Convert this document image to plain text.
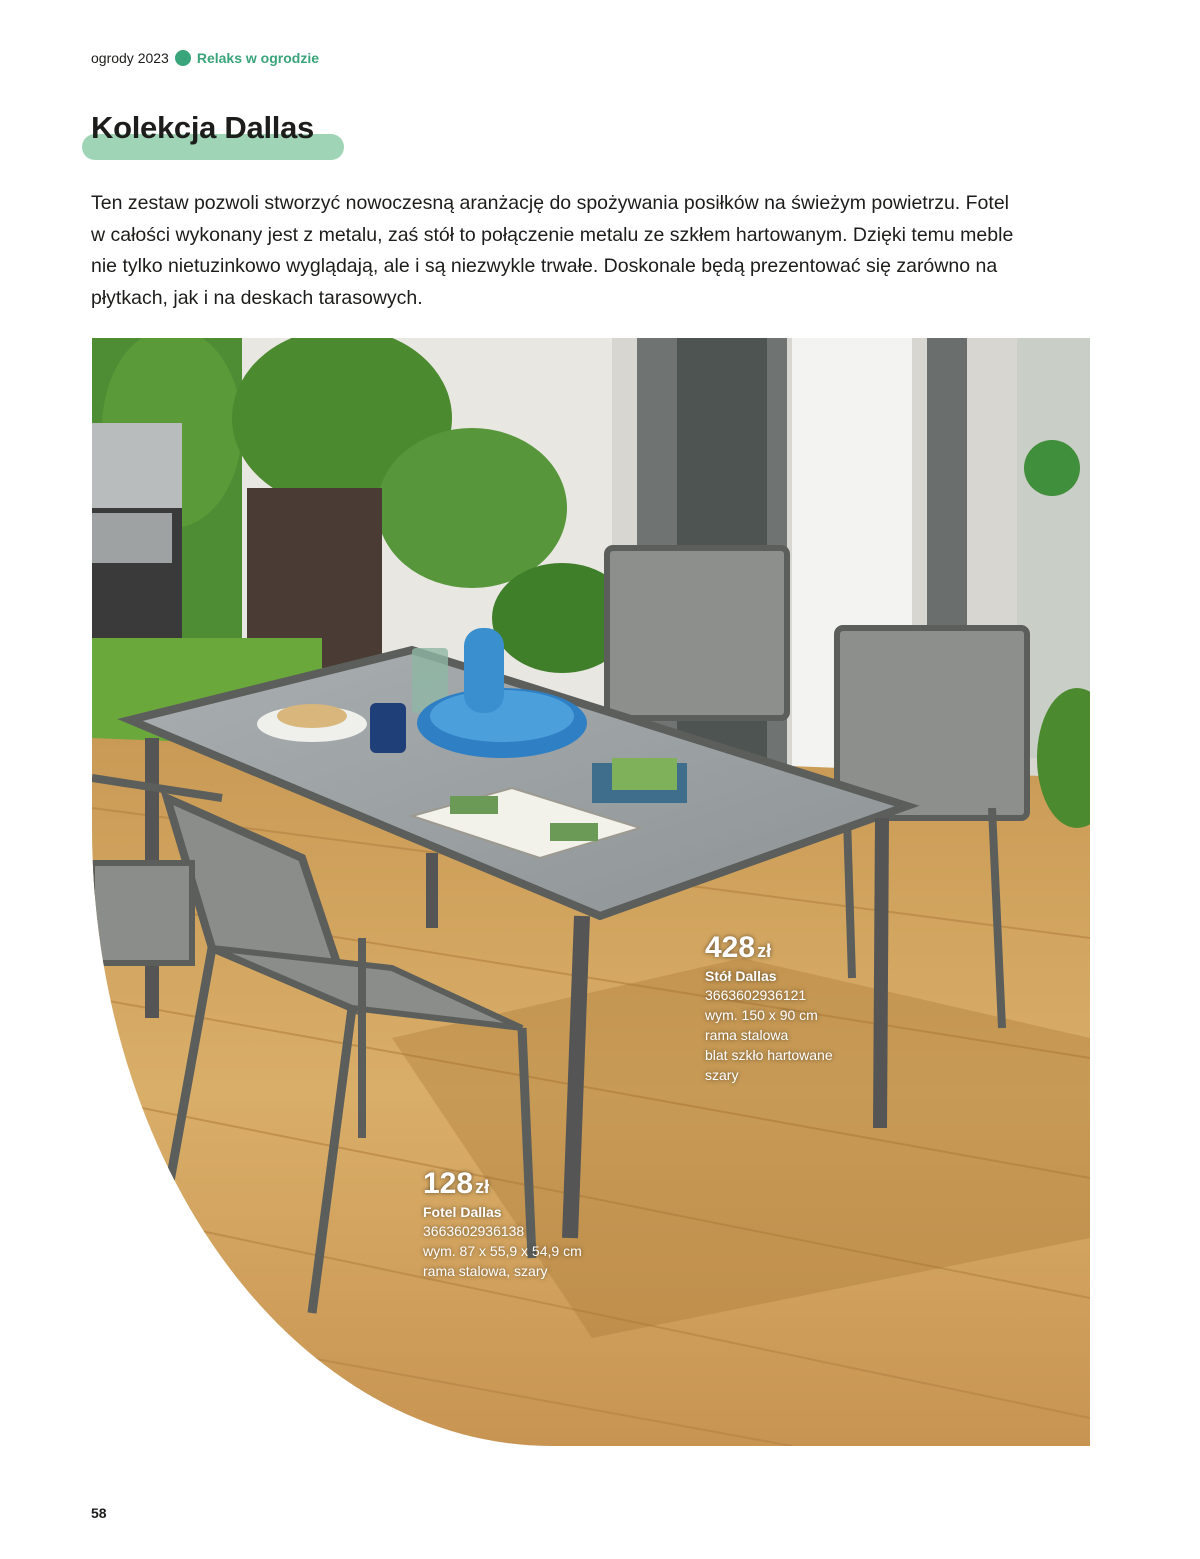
ogrody 2023 Relaks w ogrodzie
Kolekcja Dallas

Ten zestaw pozwoli stworzyć nowoczesną aranżację do spożywania posiłków na świeżym powietrzu. Fotel w całości wykonany jest z metalu, zaś stół to połączenie metalu ze szkłem hartowanym. Dzięki temu meble nie tylko nietuzinkowo wyglądają, ale i są niezwykle trwałe. Doskonale będą prezentować się zarówno na płytkach, jak i na deskach tarasowych.

428 zł
Stół Dallas
3663602936121
wym. 150 x 90 cm
rama stalowa
blat szkło hartowane
szary
128 zł
Fotel Dallas
3663602936138
wym. 87 x 55,9 x 54,9 cm
rama stalowa, szary
58
